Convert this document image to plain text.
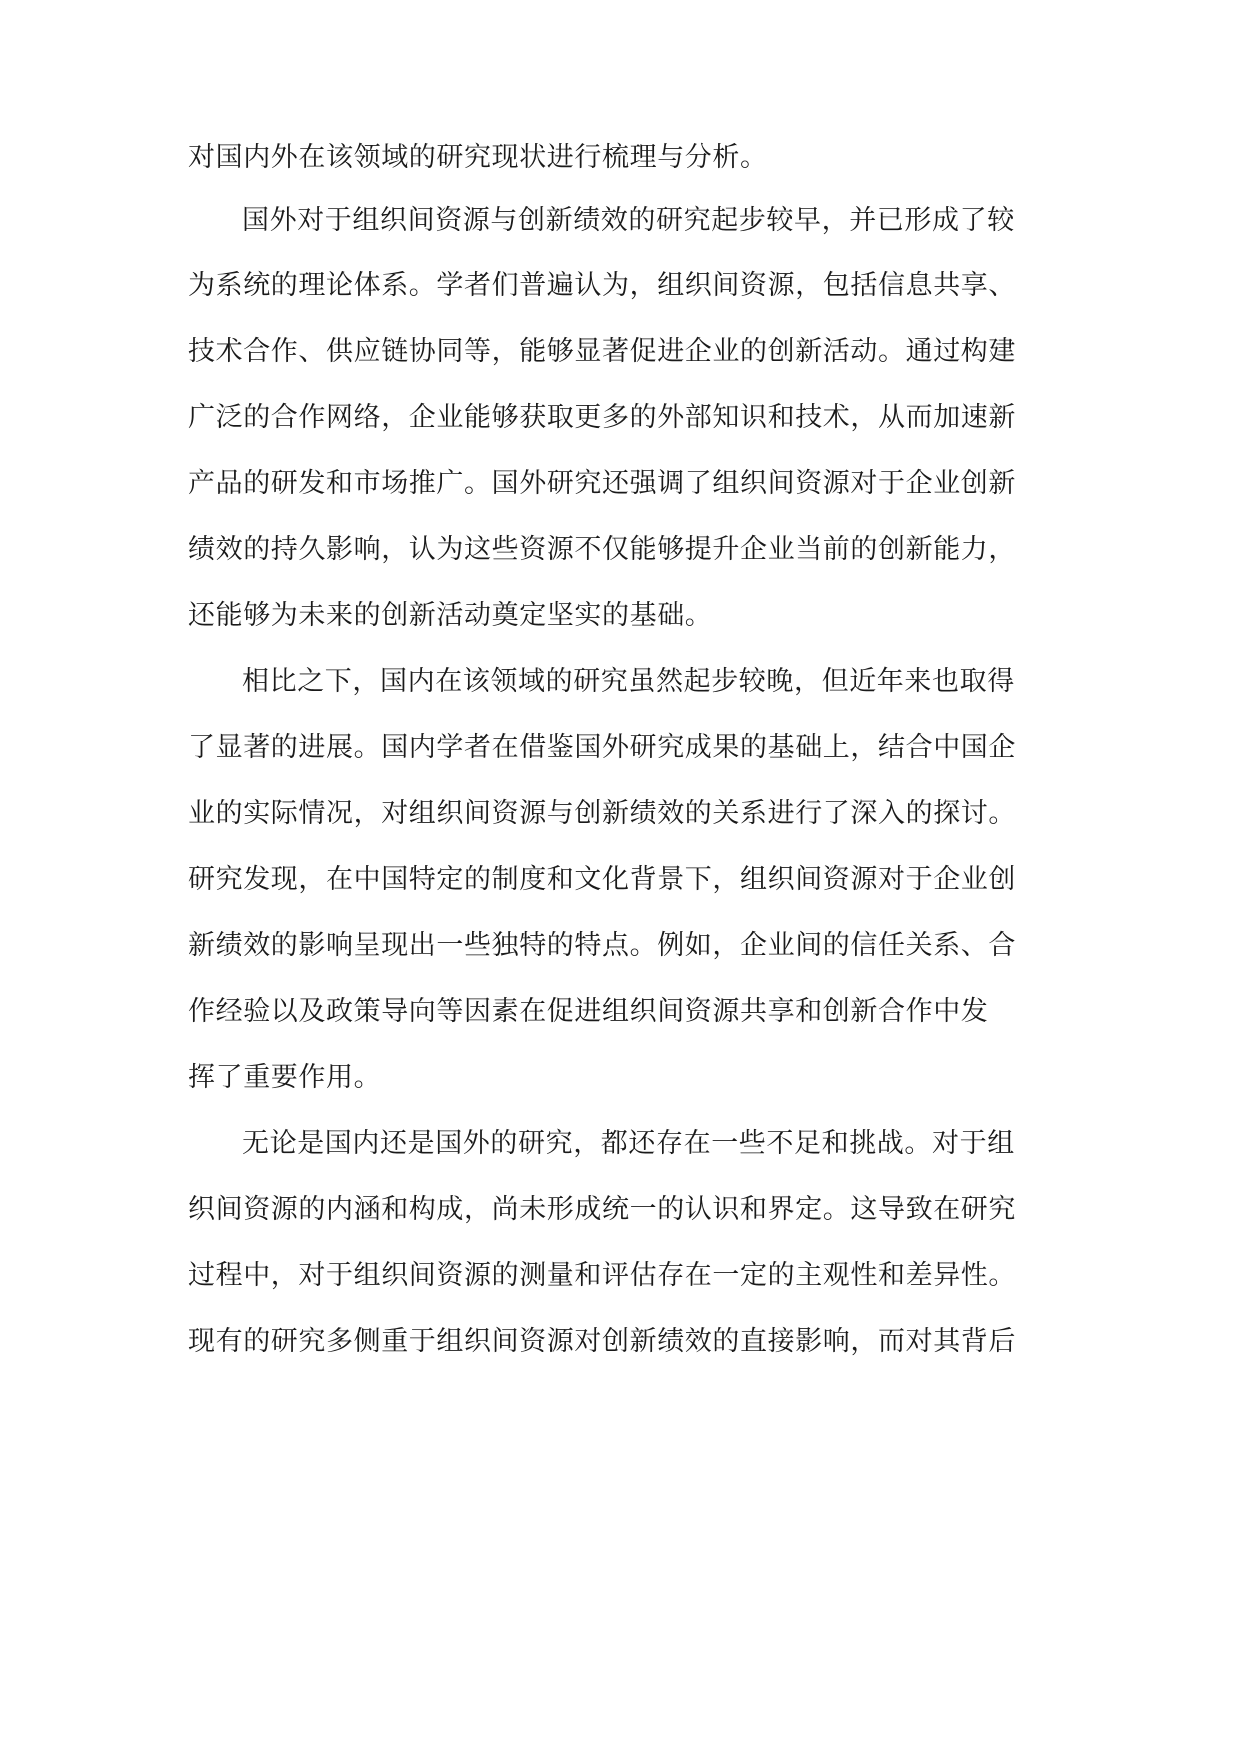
对国内外在该领域的研究现状进行梳理与分析。
国外对于组织间资源与创新绩效的研究起步较早，并已形成了较
为系统的理论体系。学者们普遍认为，组织间资源，包括信息共享、
技术合作、供应链协同等，能够显著促进企业的创新活动。通过构建
广泛的合作网络，企业能够获取更多的外部知识和技术，从而加速新
产品的研发和市场推广。国外研究还强调了组织间资源对于企业创新
绩效的持久影响，认为这些资源不仅能够提升企业当前的创新能力，
还能够为未来的创新活动奠定坚实的基础。
相比之下，国内在该领域的研究虽然起步较晚，但近年来也取得
了显著的进展。国内学者在借鉴国外研究成果的基础上，结合中国企
业的实际情况，对组织间资源与创新绩效的关系进行了深入的探讨。
研究发现，在中国特定的制度和文化背景下，组织间资源对于企业创
新绩效的影响呈现出一些独特的特点。例如，企业间的信任关系、合
作经验以及政策导向等因素在促进组织间资源共享和创新合作中发
挥了重要作用。
无论是国内还是国外的研究，都还存在一些不足和挑战。对于组
织间资源的内涵和构成，尚未形成统一的认识和界定。这导致在研究
过程中，对于组织间资源的测量和评估存在一定的主观性和差异性。
现有的研究多侧重于组织间资源对创新绩效的直接影响，而对其背后
